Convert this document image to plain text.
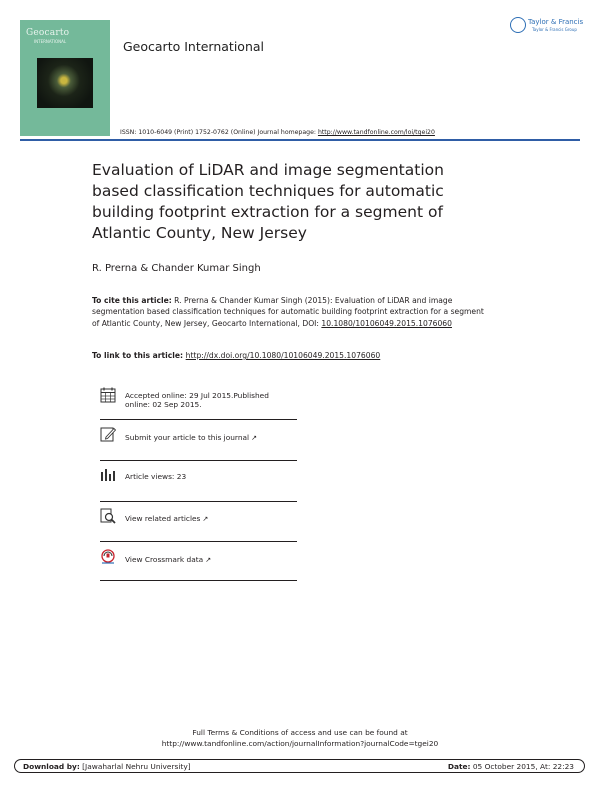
Geocarto
INTERNATIONAL	Geocarto International
Taylor & Francis
Taylor & Francis Group
ISSN: 1010-6049 (Print) 1752-0762 (Online) Journal homepage: http://www.tandfonline.com/loi/tgei20
Evaluation of LiDAR and image segmentation based classification techniques for automatic building footprint extraction for a segment of Atlantic County, New Jersey
R. Prerna & Chander Kumar Singh
To cite this article: R. Prerna & Chander Kumar Singh (2015): Evaluation of LiDAR and image segmentation based classification techniques for automatic building footprint extraction for a segment of Atlantic County, New Jersey, Geocarto International, DOI: 10.1080/10106049.2015.1076060
To link to this article: http://dx.doi.org/10.1080/10106049.2015.1076060
Accepted online: 29 Jul 2015.Published online: 02 Sep 2015.
Submit your article to this journal ↗
Article views: 23
View related articles ↗
View Crossmark data ↗
Full Terms & Conditions of access and use can be found at
http://www.tandfonline.com/action/journalInformation?journalCode=tgei20
Download by: [Jawaharlal Nehru University]	Date: 05 October 2015, At: 22:23
